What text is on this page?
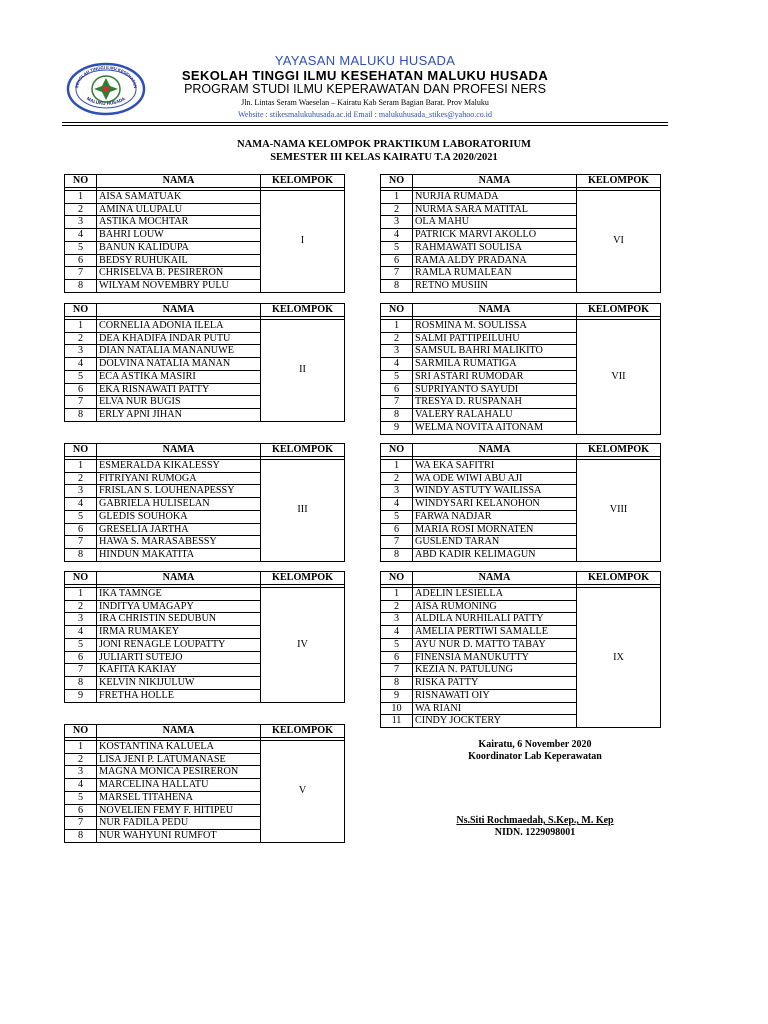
SEKOLAH TINGGI ILMU KESEHATAN
MALUKU HUSADA
YAYASAN MALUKU HUSADA
SEKOLAH TINGGI ILMU KESEHATAN MALUKU HUSADA
PROGRAM STUDI ILMU KEPERAWATAN DAN PROFESI NERS
Jln. Lintas Seram Waeselan – Kairatu Kab Seram Bagian Barat. Prov Maluku
Website : stikesmalukuhusada.ac.id Email : malukuhusada_stikes@yahoo.co.id
NAMA-NAMA KELOMPOK PRAKTIKUM LABORATORIUM
SEMESTER III KELAS KAIRATU T.A 2020/2021
NO	NAMA	KELOMPOK

1	AISA SAMATUAK	I
2	AMINA ULUPALU	
3	ASTIKA MOCHTAR	
4	BAHRI LOUW	
5	BANUN KALIDUPA	
6	BEDSY RUHUKAIL	
7	CHRISELVA B. PESIRERON	
8	WILYAM NOVEMBRY PULU	
NO	NAMA	KELOMPOK

1	CORNELIA ADONIA ILELA	II
2	DEA KHADIFA INDAR PUTU	
3	DIAN NATALIA MANANUWE	
4	DOLVINA NATALIA MANAN	
5	ECA ASTIKA MASIRI	
6	EKA RISNAWATI PATTY	
7	ELVA NUR BUGIS	
8	ERLY APNI JIHAN	
NO	NAMA	KELOMPOK

1	ESMERALDA KIKALESSY	III
2	FITRIYANI RUMOGA	
3	FRISLAN S. LOUHENAPESSY	
4	GABRIELA HULISELAN	
5	GLEDIS SOUHOKA	
6	GRESELIA JARTHA	
7	HAWA S. MARASABESSY	
8	HINDUN MAKATITA	
NO	NAMA	KELOMPOK

1	IKA TAMNGE	IV
2	INDITYA UMAGAPY	
3	IRA CHRISTIN SEDUBUN	
4	IRMA RUMAKEY	
5	JONI RENAGLE LOUPATTY	
6	JULIARTI SUTEJO	
7	KAFITA KAKIAY	
8	KELVIN NIKIJULUW	
9	FRETHA HOLLE	
NO	NAMA	KELOMPOK

1	KOSTANTINA KALUELA	V
2	LISA JENI P. LATUMANASE	
3	MAGNA MONICA PESIRERON	
4	MARCELINA HALLATU	
5	MARSEL TITAHENA	
6	NOVELIEN FEMY F. HITIPEU	
7	NUR FADILA PEDU	
8	NUR WAHYUNI RUMFOT	
NO	NAMA	KELOMPOK

1	NURJIA RUMADA	VI
2	NURMA SARA MATITAL	
3	OLA MAHU	
4	PATRICK MARVI AKOLLO	
5	RAHMAWATI SOULISA	
6	RAMA ALDY PRADANA	
7	RAMLA RUMALEAN	
8	RETNO MUSIIN	
NO	NAMA	KELOMPOK

1	ROSMINA M. SOULISSA	VII
2	SALMI PATTIPEILUHU	
3	SAMSUL BAHRI MALIKITO	
4	SARMILA RUMATIGA	
5	SRI ASTARI RUMODAR	
6	SUPRIYANTO SAYUDI	
7	TRESYA D. RUSPANAH	
8	VALERY RALAHALU	
9	WELMA NOVITA AITONAM	
NO	NAMA	KELOMPOK

1	WA EKA SAFITRI	VIII
2	WA ODE WIWI ABU AJI	
3	WINDY ASTUTY WAILISSA	
4	WINDYSARI KELANOHON	
5	FARWA NADJAR	
6	MARIA ROSI MORNATEN	
7	GUSLEND TARAN	
8	ABD KADIR KELIMAGUN	
NO	NAMA	KELOMPOK

1	ADELIN LESIELLA	IX
2	AISA RUMONING	
3	ALDILA NURHILALI PATTY	
4	AMELIA PERTIWI SAMALLE	
5	AYU NUR D. MATTO TABAY	
6	FINENSIA MANUKUTTY	
7	KEZIA N. PATULUNG	
8	RISKA PATTY	
9	RISNAWATI OIY	
10	WA RIANI	
11	CINDY JOCKTERY	
Kairatu, 6 November 2020
Koordinator Lab Keperawatan
Ns.Siti Rochmaedah, S.Kep., M. Kep
NIDN. 1229098001
